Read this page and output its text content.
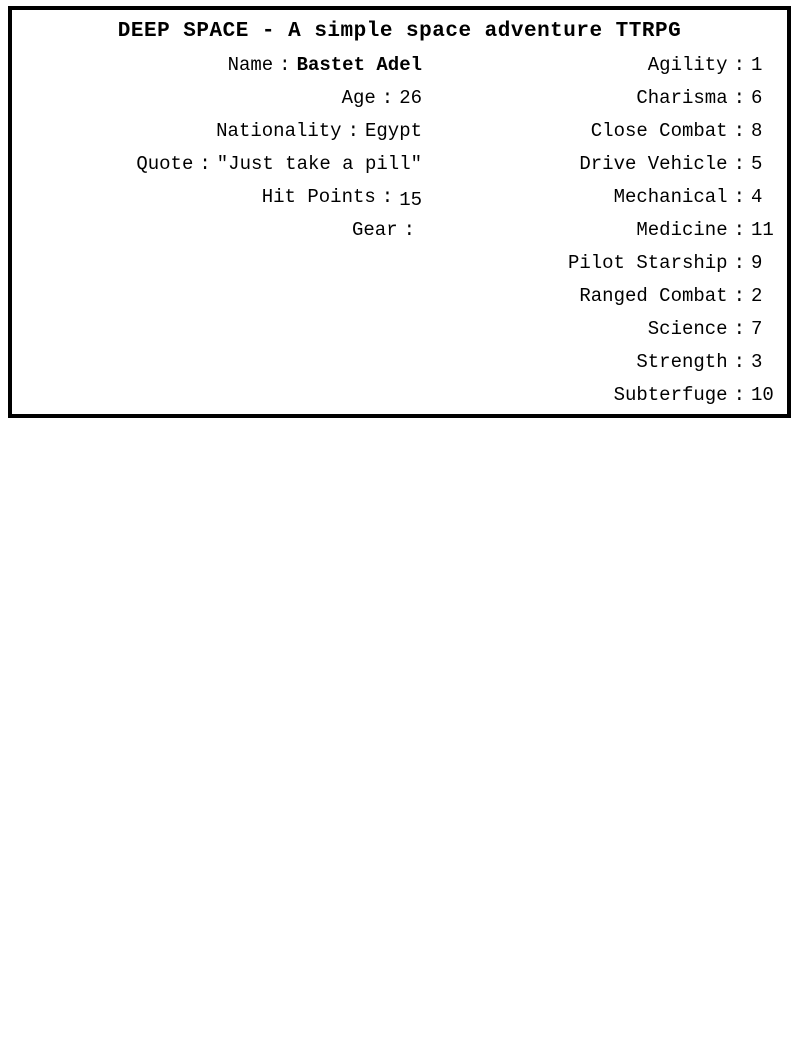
DEEP SPACE - A simple space adventure TTRPG
Name : Bastet Adel
Age : 26
Nationality : Egypt
Quote : "Just take a pill"
Hit Points : 15
Gear :
Agility : 1
Charisma : 6
Close Combat : 8
Drive Vehicle : 5
Mechanical : 4
Medicine : 11
Pilot Starship : 9
Ranged Combat : 2
Science : 7
Strength : 3
Subterfuge : 10
